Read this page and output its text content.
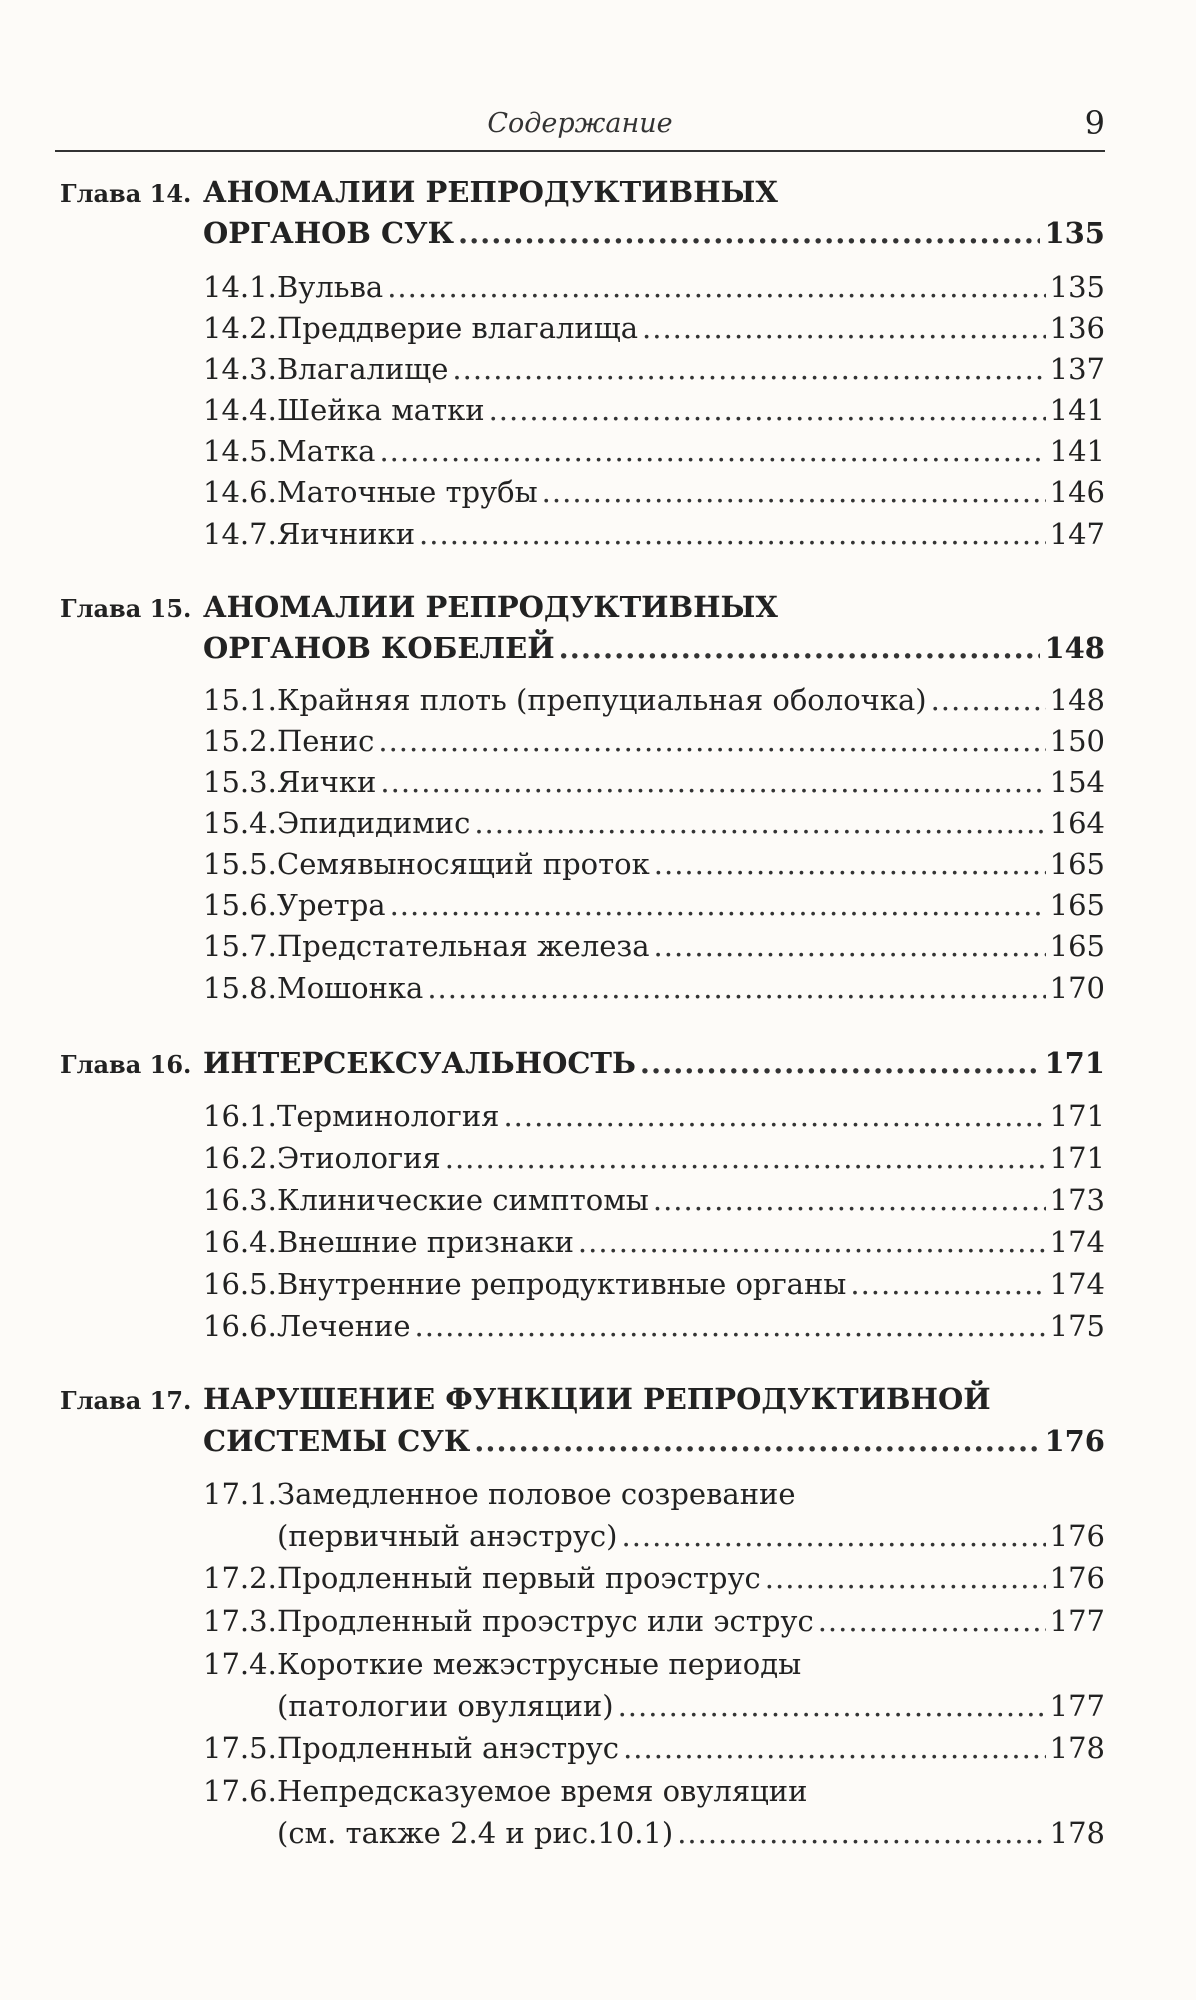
Содержание	9
Глава 14. АНОМАЛИИ РЕПРОДУКТИВНЫХ
ОРГАНОВ СУК .....	135
14.1. Вульва .....	135
14.2. Преддверие влагалища .....	136
14.3. Влагалище .....	137
14.4. Шейка матки .....	141
14.5. Матка .....	141
14.6. Маточные трубы .....	146
14.7. Яичники .....	147
Глава 15. АНОМАЛИИ РЕПРОДУКТИВНЫХ
ОРГАНОВ КОБЕЛЕЙ .....	148
15.1. Крайняя плоть (препуциальная оболочка) .....	148
15.2. Пенис .....	150
15.3. Яички .....	154
15.4. Эпидидимис .....	164
15.5. Семявыносящий проток .....	165
15.6. Уретра .....	165
15.7. Предстательная железа .....	165
15.8. Мошонка .....	170
Глава 16. ИНТЕРСЕКСУАЛЬНОСТЬ .....	171
16.1. Терминология .....	171
16.2. Этиология .....	171
16.3. Клинические симптомы .....	173
16.4. Внешние признаки .....	174
16.5. Внутренние репродуктивные органы .....	174
16.6. Лечение .....	175
Глава 17. НАРУШЕНИЕ ФУНКЦИИ РЕПРОДУКТИВНОЙ
СИСТЕМЫ СУК .....	176
17.1. Замедленное половое созревание
(первичный анэструс) .....	176
17.2. Продленный первый проэструс .....	176
17.3. Продленный проэструс или эструс .....	177
17.4. Короткие межэструсные периоды
(патологии овуляции) .....	177
17.5. Продленный анэструс .....	178
17.6. Непредсказуемое время овуляции
(см. также 2.4 и рис.10.1) .....	178
